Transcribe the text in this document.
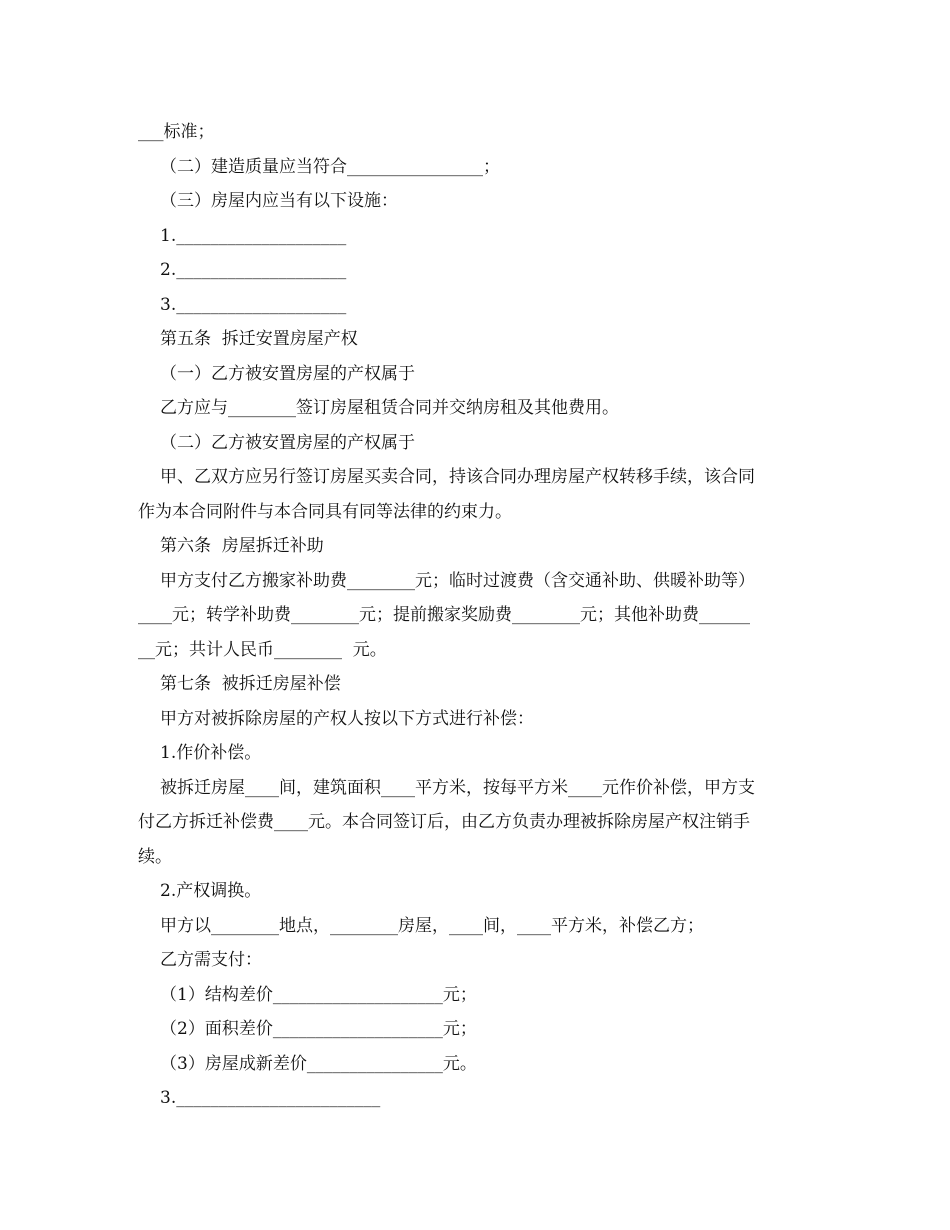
___标准；

（二）建造质量应当符合________________；

（三）房屋内应当有以下设施：

1.____________________

2.____________________

3.____________________

第五条  拆迁安置房屋产权

（一）乙方被安置房屋的产权属于

乙方应与________签订房屋租赁合同并交纳房租及其他费用。

（二）乙方被安置房屋的产权属于

甲、乙双方应另行签订房屋买卖合同，持该合同办理房屋产权转移手续，该合同

作为本合同附件与本合同具有同等法律的约束力。

第六条  房屋拆迁补助

甲方支付乙方搬家补助费________元；临时过渡费（含交通补助、供暖补助等）

____元；转学补助费________元；提前搬家奖励费________元；其他补助费______

__元；共计人民币________  元。

第七条  被拆迁房屋补偿

甲方对被拆除房屋的产权人按以下方式进行补偿：

1.作价补偿。

被拆迁房屋____间，建筑面积____平方米，按每平方米____元作价补偿，甲方支

付乙方拆迁补偿费____元。本合同签订后，由乙方负责办理被拆除房屋产权注销手

续。

2.产权调换。

甲方以________地点，________房屋，____间，____平方米，补偿乙方；

乙方需支付：

（1）结构差价____________________元；

（2）面积差价____________________元；

（3）房屋成新差价________________元。

3.________________________
